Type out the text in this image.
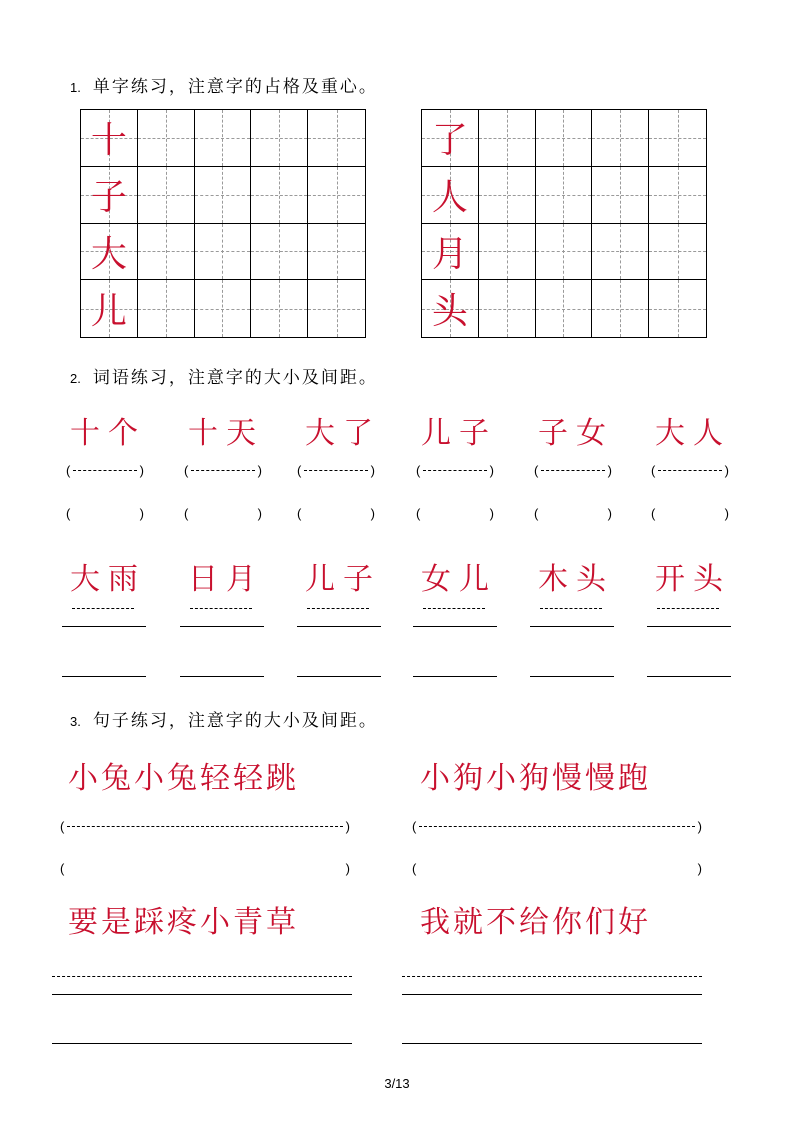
1. 单字练习，注意字的占格及重心。
十
子
大
儿
了
人
月
头
2. 词语练习，注意字的大小及间距。
十个 十天 大了 儿子 子女 大人
(	)
(	)
(	)
(	)
(	)
(	)
(	)
(	)
(	)
(	)
(	)
(	)
大雨 日月 儿子 女儿 木头 开头
3. 句子练习，注意字的大小及间距。
小兔小兔轻轻跳	小狗小狗慢慢跑
(	)
(	)
(	)
(	)
要是踩疼小青草	我就不给你们好
3/13
